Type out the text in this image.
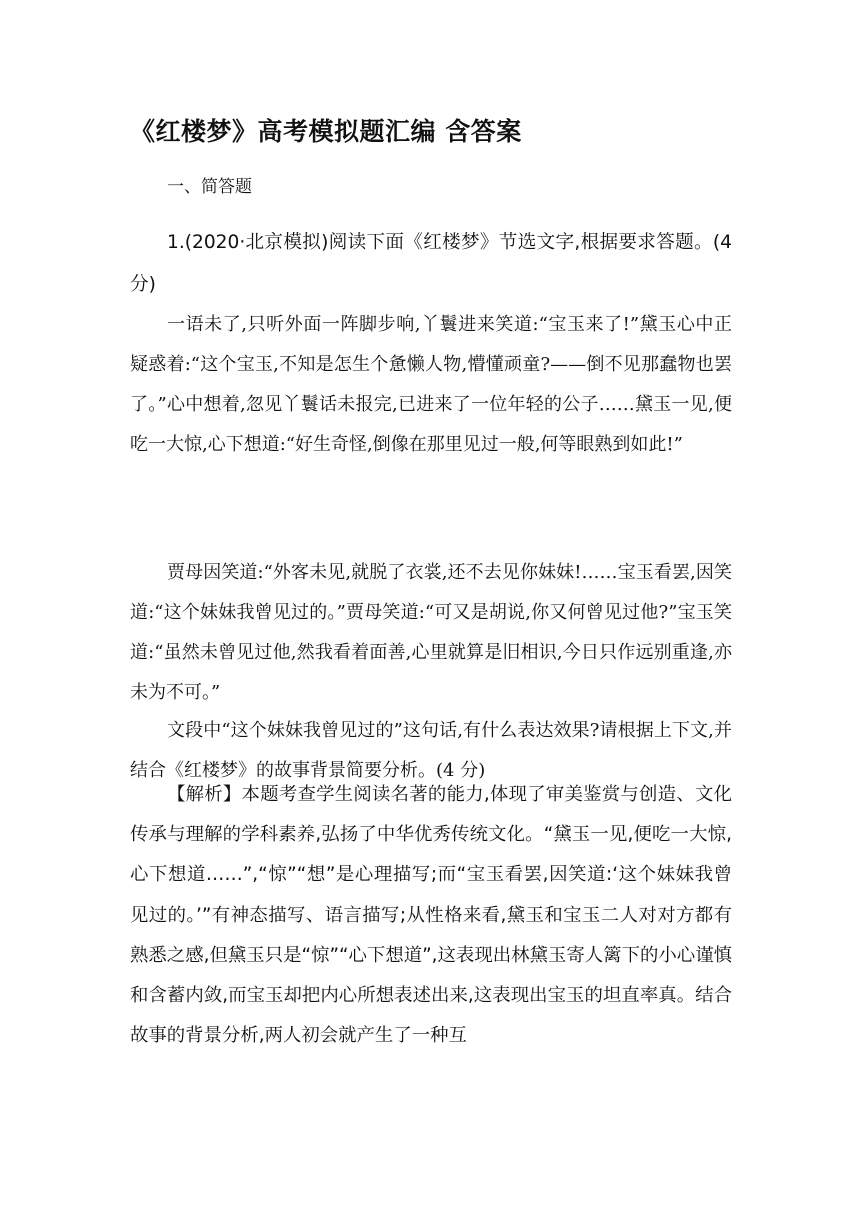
《红楼梦》高考模拟题汇编 含答案

一、简答题

1.(2020·北京模拟)阅读下面《红楼梦》节选文字,根据要求答题。(4 分)

一语未了,只听外面一阵脚步响,丫鬟进来笑道:“宝玉来了!”黛玉心中正疑惑着:“这个宝玉,不知是怎生个惫懒人物,懵懂顽童?——倒不见那蠢物也罢了。”心中想着,忽见丫鬟话未报完,已进来了一位年轻的公子……黛玉一见,便吃一大惊,心下想道:“好生奇怪,倒像在那里见过一般,何等眼熟到如此!”

贾母因笑道:“外客未见,就脱了衣裳,还不去见你妹妹!……宝玉看罢,因笑道:“这个妹妹我曾见过的。”贾母笑道:“可又是胡说,你又何曾见过他?”宝玉笑道:“虽然未曾见过他,然我看着面善,心里就算是旧相识,今日只作远别重逢,亦未为不可。”

文段中“这个妹妹我曾见过的”这句话,有什么表达效果?请根据上下文,并结合《红楼梦》的故事背景简要分析。(4 分)

【解析】本题考查学生阅读名著的能力,体现了审美鉴赏与创造、文化传承与理解的学科素养,弘扬了中华优秀传统文化。“黛玉一见,便吃一大惊,心下想道……”,“惊”“想”是心理描写;而“宝玉看罢,因笑道:‘这个妹妹我曾见过的。’”有神态描写、语言描写;从性格来看,黛玉和宝玉二人对对方都有熟悉之感,但黛玉只是“惊”“心下想道”,这表现出林黛玉寄人篱下的小心谨慎和含蓄内敛,而宝玉却把内心所想表述出来,这表现出宝玉的坦直率真。结合故事的背景分析,两人初会就产生了一种互
